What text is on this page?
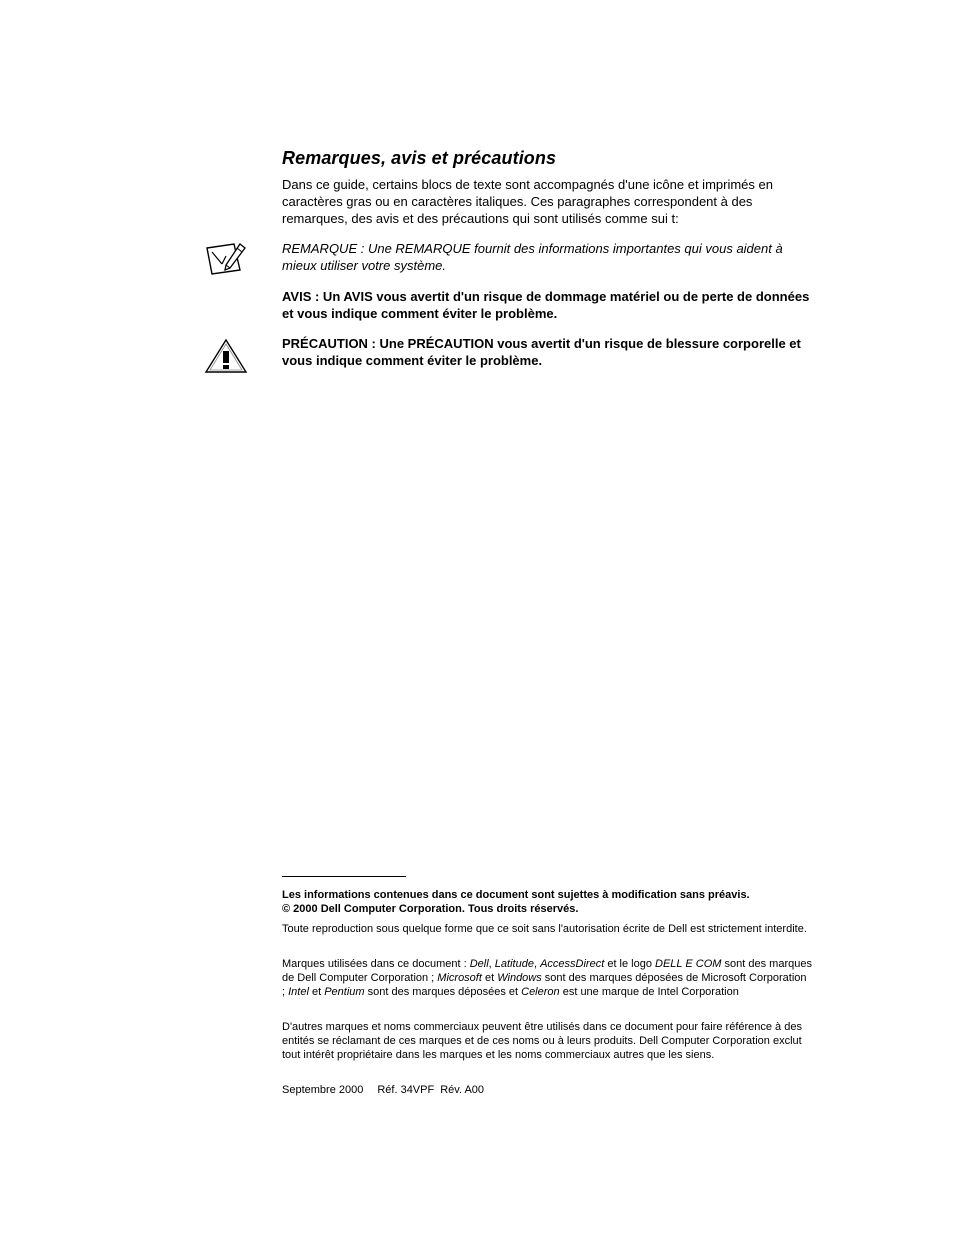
Remarques, avis et précautions
Dans ce guide, certains blocs de texte sont accompagnés d'une icône et imprimés en caractères gras ou en caractères italiques. Ces paragraphes correspondent à des remarques, des avis et des précautions qui sont utilisés comme sui t:
REMARQUE : Une REMARQUE fournit des informations importantes qui vous aident à mieux utiliser votre système.
AVIS : Un AVIS vous avertit d'un risque de dommage matériel ou de perte de données et vous indique comment éviter le problème.
PRÉCAUTION : Une PRÉCAUTION vous avertit d'un risque de blessure corporelle et vous indique comment éviter le problème.
Les informations contenues dans ce document sont sujettes à modification sans préavis.
© 2000 Dell Computer Corporation. Tous droits réservés.
Toute reproduction sous quelque forme que ce soit sans l'autorisation écrite de Dell est strictement interdite.
Marques utilisées dans ce document : Dell, Latitude, AccessDirect et le logo DELL E COM sont des marques de Dell Computer Corporation ; Microsoft et Windows sont des marques déposées de Microsoft Corporation ; Intel et Pentium sont des marques déposées et Celeron est une marque de Intel Corporation
D'autres marques et noms commerciaux peuvent être utilisés dans ce document pour faire référence à des entités se réclamant de ces marques et de ces noms ou à leurs produits. Dell Computer Corporation exclut tout intérêt propriétaire dans les marques et les noms commerciaux autres que les siens.
Septembre 2000 Réf. 34VPF Rév. A00
